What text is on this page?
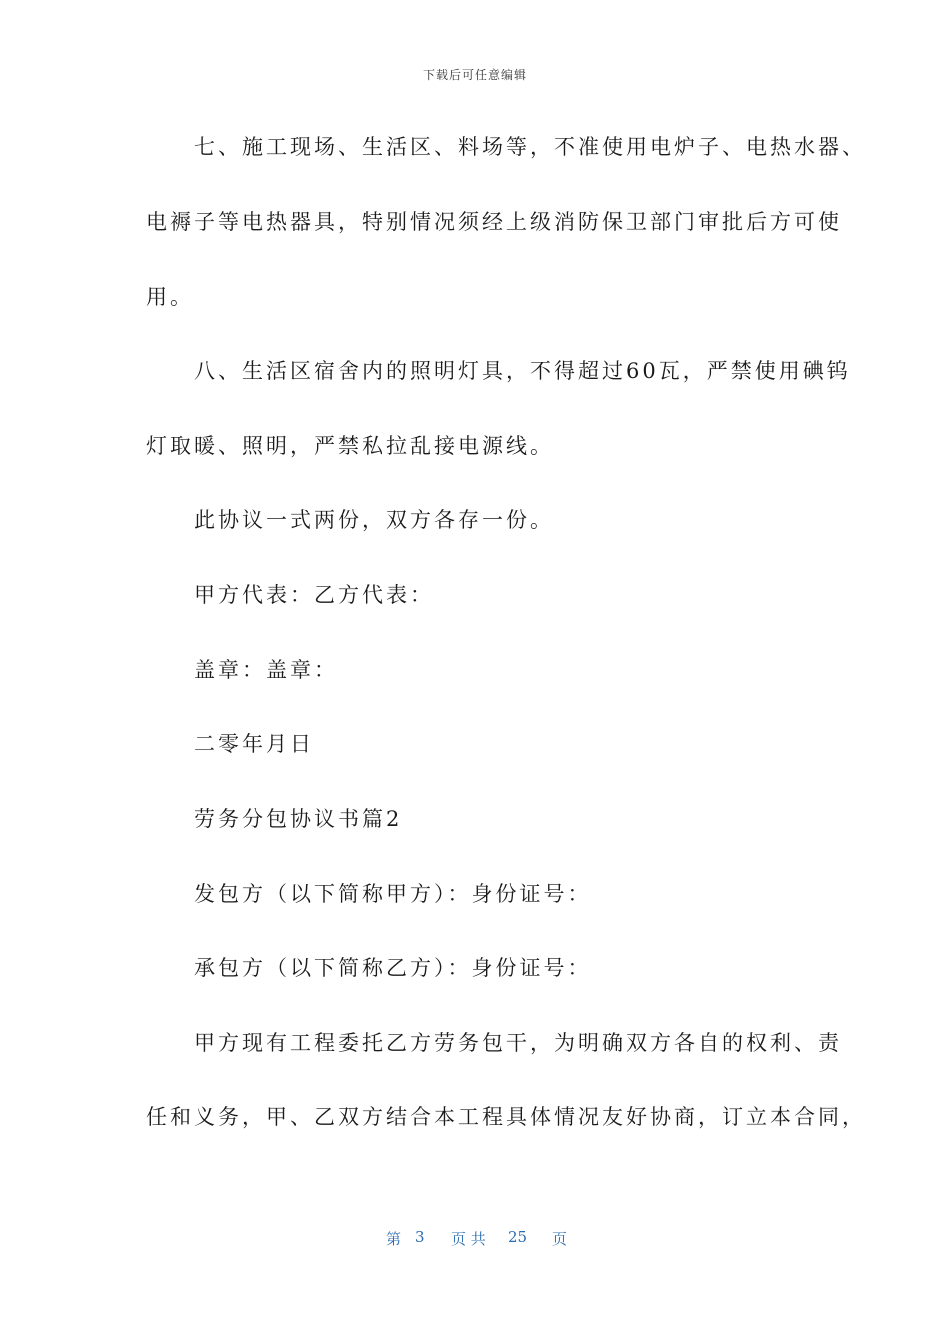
下载后可任意编辑
　　七、施工现场、生活区、料场等，不准使用电炉子、电热水器、
电褥子等电热器具，特别情况须经上级消防保卫部门审批后方可使
用。
　　八、生活区宿舍内的照明灯具，不得超过60瓦，严禁使用碘钨
灯取暖、照明，严禁私拉乱接电源线。
　　此协议一式两份，双方各存一份。
　　甲方代表：乙方代表：
　　盖章：盖章：
　　二零年月日
　　劳务分包协议书篇2
　　发包方（以下简称甲方）：身份证号：
　　承包方（以下简称乙方）：身份证号：
　　甲方现有工程委托乙方劳务包干，为明确双方各自的权利、责
任和义务，甲、乙双方结合本工程具体情况友好协商，订立本合同，
第 3 页 共 25 页
